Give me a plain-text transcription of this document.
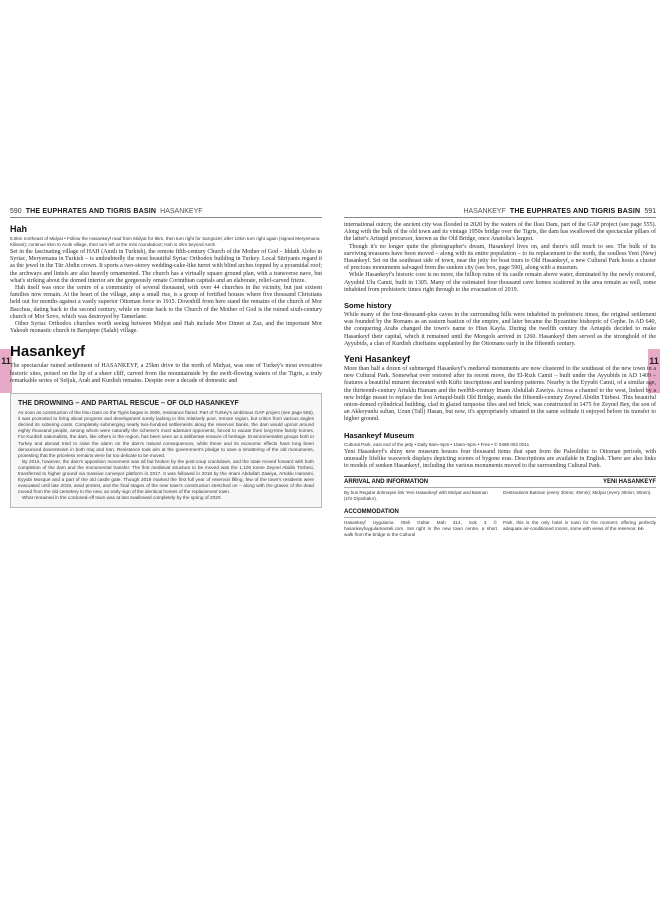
11	11
590 THE EUPHRATES AND TIGRIS BASIN HASANKEYF
Hah
8.5km northeast of Midyat • Follow the Hasankeyf road from Midyat for 6km, then turn right for Sarıgüzel; after 10km turn right again (signed Meryemana Kilisesi); continue 6km to Anıtlı village, then turn left at the mini roundabout; Hah is 2km beyond Anıtlı

Set in the fascinating village of HAH (Anıtlı in Turkish), the remote fifth-century Church of the Mother of God – Iddath Aloho in Syriac, Meryemana in Turkish – is undoubtedly the most beautiful Syriac Orthodox building in Turkey. Local Süriyanis regard it as the jewel in the Tür Abdin crown. It sports a two-storey wedding-cake-like turret with blind arches topped by a pyramidal roof; the archways and lintels are also heavily ornamented. The church has a virtually square ground plan, with a transverse nave, but what's striking about the domed interior are the gorgeously ornate Corinthian capitals and an elaborate, relief-carved frieze.

Hah itself was once the centre of a community of several thousand, with over 44 churches in the vicinity, but just sixteen families now remain. At the heart of the village, atop a small rise, is a group of fortified houses where five thousand Christians held out for months against a vastly superior Ottoman force in 1915. Downhill from here stand the remains of the church of Mor Bacchus, dating back to the second century, while en route back to the Church of the Mother of God is the ruined sixth-century church of Mor Sovo, which was destroyed by Tamerlane.

Other Syriac Orthodox churches worth seeing between Midyat and Hah include Mor Dimet at Zaz, and the important Mor Yakoub monastic church in Barıştepe (Salah) village.

Hasankeyf

The spectacular ruined settlement of HASANKEYF, a 25km drive to the north of Midyat, was one of Turkey's most evocative historic sites, poised on the lip of a sheer cliff, carved from the mountainside by the swift-flowing waters of the Tigris, a truly remarkable series of Seljuk, Arab and Kurdish remains. Despite over a decade of domestic and

THE DROWNING – AND PARTIAL RESCUE – OF OLD HASANKEYF

As soon as construction of the Ilısu Dam on the Tigris began in 2006, resistance flared. Part of Turkey's ambitious GAP project (see page 555), it was promoted to bring about progress and development sorely lacking in this relatively poor, remote region, but critics from various angles decried its sobering costs. Completely submerging nearly two-hundred settlements along the reservoir banks, the dam would uproot around eighty thousand people, among whom were naturally the scheme's most adamant opponents, forced to vacate their long-time family homes. For Kurdish nationalists, the dam, like others in the region, has been seen as a deliberate erasure of heritage. Environmentalist groups both in Turkey and abroad tried to raise the alarm on the dam's natural consequences, while these and its economic effects have long been denounced downstream in both Iraq and Iran. Resistance took aim at the government's pledge to save a smattering of the old monuments, protesting that the priceless remains were far too delicate to be moved.

By 2016, however, the dam's opposition movement was all but broken by the post-coup crackdown, and the state moved forward with both completion of the dam and the monumental transfer. The first medieval structure to be moved was the 1,100 tonne Zeynel Abidin Türbesi, transferred to higher ground via massive conveyor platform in 2017. It was followed in 2018 by the Imam Abdullah Zawiya, Artuklu Hamami, Eyyubi Mosque and a part of the old castle gate. Though 2019 marked the first full year of reservoir filling, few of the town's residents were evacuated until late 2019, amid protest, and the final stages of the new town's construction stretched on – along with the graves of the dead moved from the old cemetery to the new, an early sign of the identical homes of the replacement town.

What remained in the cordoned-off town was at last swallowed completely by the spring of 2020.

HASANKEYF THE EUPHRATES AND TIGRIS BASIN 591

international outcry, the ancient city was flooded in 2020 by the waters of the Ilısu Dam, part of the GAP project (see page 555). Along with the bulk of the old town and its vintage 1950s bridge over the Tigris, the dam has swallowed the spectacular pillars of the latter's Artuqid precursor, known as the Old Bridge, once Anatolia's largest.

Though it's no longer quite the photographer's dream, Hasankeyf lives on, and there's still much to see. The bulk of its surviving treasures have been moved – along with its entire population – to its replacement to the north, the soulless Yeni (New) Hasankeyf. Set on the southeast side of town, near the jetty for boat tours to Old Hasankeyf, a new Cultural Park hosts a cluster of precious monuments salvaged from the sunken city (see box, page 590), along with a museum.

While Hasankeyf's historic core is no more, the hilltop ruins of its castle remain above water, dominated by the newly restored, Ayyubid Ulu Camii, built in 1305. Many of the estimated four thousand cave homes scattered in the area remain as well, some inhabited from prehistoric times right through to the evacuation of 2019.

Some history

While many of the four-thousand-plus caves in the surrounding hills were inhabited in prehistoric times, the original settlement was founded by the Romans as an eastern bastion of the empire, and later became the Byzantine bishopric of Cephe. In AD 640, the conquering Arabs changed the town's name to Hisn Kayfa. During the twelfth century the Artuqids decided to make Hasankeyf their capital, which it remained until the Mongols arrived in 1260. Hasankeyf then served as the stronghold of the Ayyubids, a clan of Kurdish chieftains supplanted by the Ottomans early in the fifteenth century.

Yeni Hasankeyf

More than half a dozen of submerged Hasankeyf's medieval monuments are now clustered to the southeast of the new town in a new Cultural Park. Somewhat over restored after its recent move, the El-Rızk Camii – built under the Ayyubids in AD 1409 – features a beautiful minaret decorated with Kufic inscriptions and teardrop patterns. Nearby is the Eyyubi Camii, of a similar age, the thirteenth-century Artuklu Hamam and the twelfth-century Imam Abdullah Zawiya. Across a channel to the west, linked by a new bridge meant to replace the lost Artuqid-built Old Bridge, stands the fifteenth-century Zeynel Abidin Türbesi. This beautiful onion-domed cylindrical building, clad in glazed turquoise tiles and red brick, was constructed in 1475 for Zeynel Bey, the son of an Akkoyunlu sultan, Uzun (Tall) Hasan, but now, it's appropriately situated in the same solitude it enjoyed before its transfer to higher ground.

Hasankeyf Museum
Cultural Park, east end of the jetty • Daily 8am–5pm • 10am–5pm • Free • © 0488 002 0011

Yeni Hasankeyf's shiny new museum houses four thousand items that span from the Paleolithic to Ottoman periods, with unusually lifelike waxwork displays depicting scenes of bygone eras. Descriptions are available in English. There are also links to models of sunken Hasankeyf, including the various monuments moved to the surrounding Cultural Park.

ARRIVAL AND INFORMATION	YENI HASANKEYF
By bus Regular dolmuşes link Yeni Hasankeyf with Midyat and Batman (1hr Diyarbakır).
Destinations Batman (every 30min; 45min); Midyat (every 30min; 30min).
ACCOMMODATION
Hasankeyf Uygulama Oteli Gültür Mah 314, Sok 3 © hasankeyfuygulamaoteli.com. Set right in the new town centre, a short walk from the bridge to the Cultural
Park, this is the only hotel in town for the moment, offering perfectly adequate air-conditioned rooms, some with views of the reservoir. ₺₺
